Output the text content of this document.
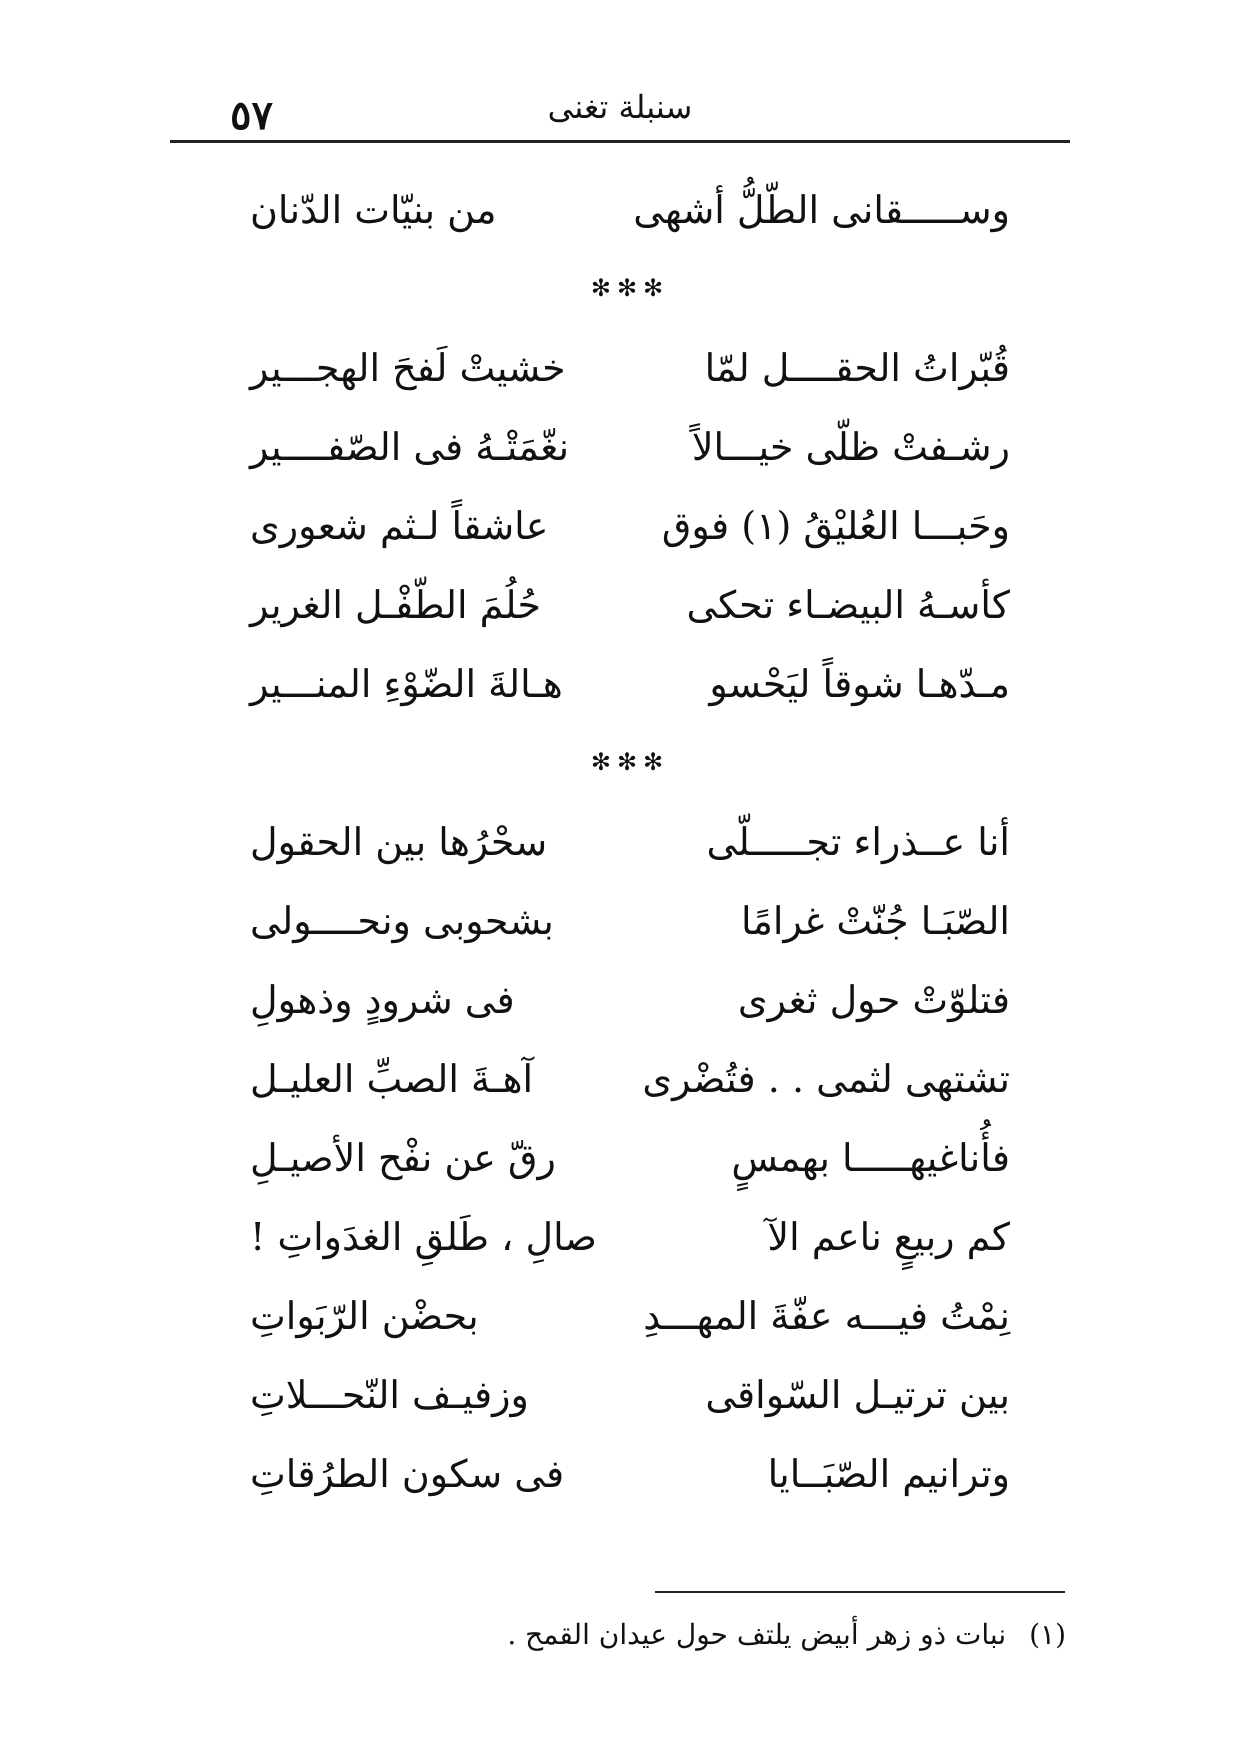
٥٧	سنبلة تغنى
وســـــقانى الطّلُّ أشهى
من بنيّات الدّنان
✻✻✻
قُبّراتُ الحقــــل لمّا
خشيتْ لَفحَ الهجـــير
رشـفتْ ظلّى خيـــالاً
نغّمَتْـهُ فى الصّفــــير
وحَبـــا العُليْقُ (١) فوق
عاشقاً لـثم شعورى
كأسـهُ البيضـاء تحكى
حُلُمَ الطّفْـل الغرير
مـدّهـا شوقاً ليَحْسو
هـالةَ الضّوْءِ المنـــير
✻✻✻
أنا عــذراء تجـــــلّى
سحْرُها بين الحقول
الصّبَـا جُنّتْ غرامًا
بشحوبى ونحــــولى
فتلوّتْ حول ثغرى
فى شرودٍ وذهولِ
تشتهى لثمى . . فتُضْرى
آهـةَ الصبِّ العليـل
فأُناغيهـــــا بهمسٍ
رقّ عن نفْح الأصيـلِ
كم ربيعٍ ناعم الآ
صالِ ، طَلقِ الغدَواتِ !
نِمْتُ فيـــه عفّةَ المهـــدِ
بحضْن الرّبَواتِ
بين ترتيـل السّواقى
وزفيـف النّحـــلاتِ
وترانيم الصّبَــايا
فى سكون الطرُقاتِ
(١) نبات ذو زهر أبيض يلتف حول عيدان القمح .
